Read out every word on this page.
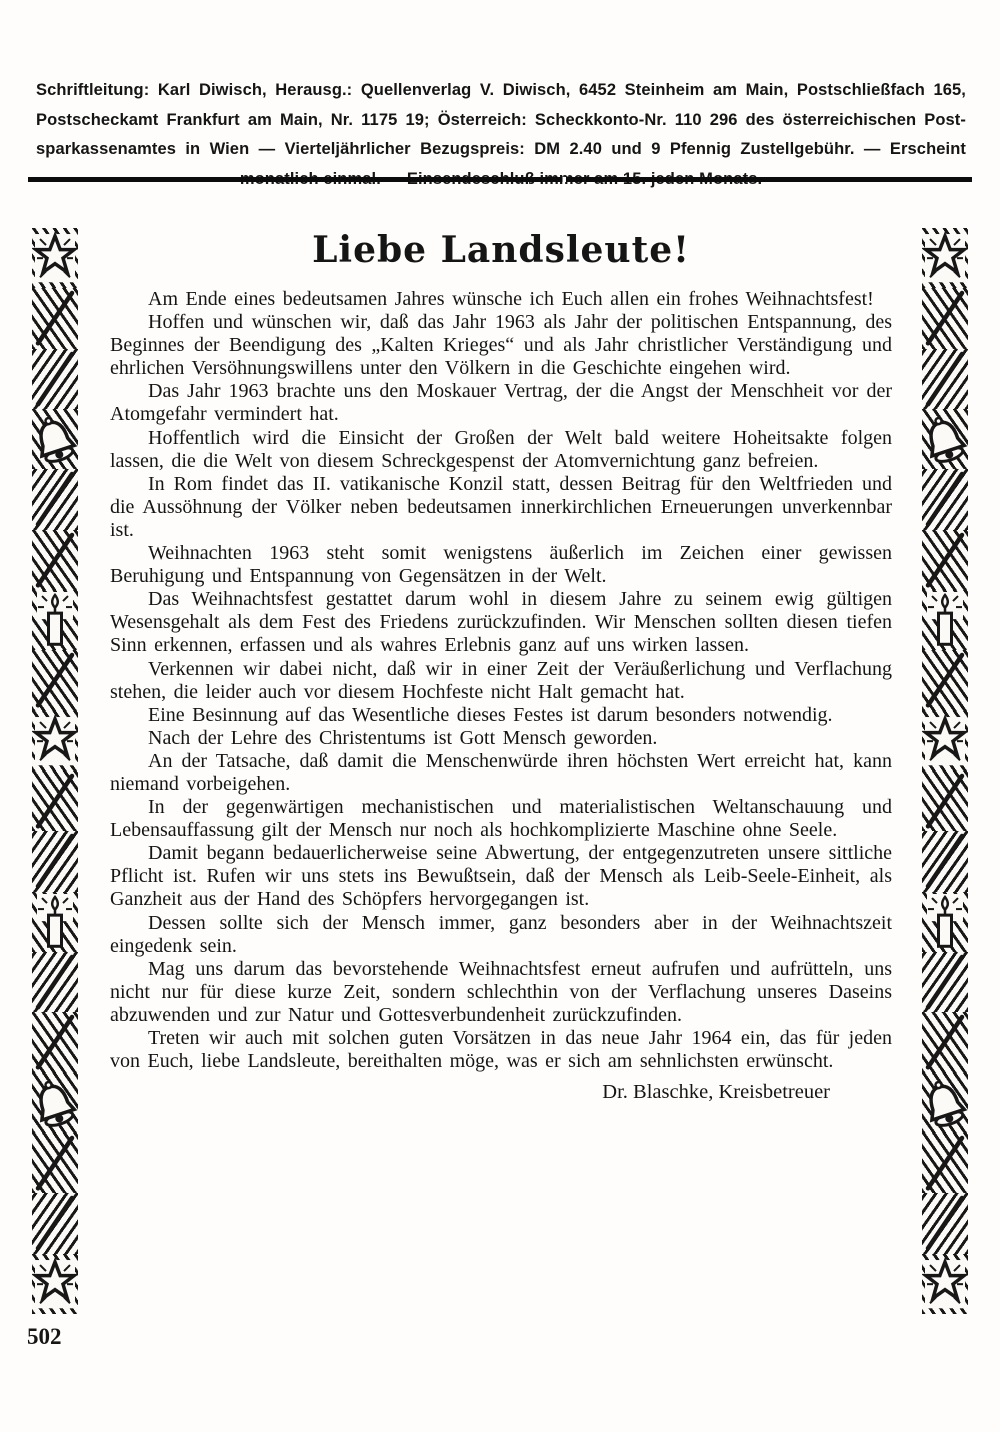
Schriftleitung: Karl Diwisch, Herausg.: Quellenverlag V. Diwisch, 6452 Steinheim am Main, Postschließfach 165,
Postscheckamt Frankfurt am Main, Nr. 1175 19; Österreich: Scheckkonto-Nr. 110 296 des österreichischen Post-
sparkassenamtes in Wien — Vierteljährlicher Bezugspreis: DM 2.40 und 9 Pfennig Zustellgebühr. — Erscheint
Liebe Landsleute!

Am Ende eines bedeutsamen Jahres wünsche ich Euch allen ein frohes Weihnachtsfest!

Hoffen und wünschen wir, daß das Jahr 1963 als Jahr der politischen Entspannung, des Beginnes der Beendigung des „Kalten Krieges“ und als Jahr christlicher Verständigung und ehrlichen Versöhnungswillens unter den Völkern in die Geschichte eingehen wird.

Das Jahr 1963 brachte uns den Moskauer Vertrag, der die Angst der Menschheit vor der Atomgefahr vermindert hat.

Hoffentlich wird die Einsicht der Großen der Welt bald weitere Hoheitsakte folgen lassen, die die Welt von diesem Schreckgespenst der Atomvernichtung ganz befreien.

In Rom findet das II. vatikanische Konzil statt, dessen Beitrag für den Weltfrieden und die Aussöhnung der Völker neben bedeutsamen innerkirchlichen Erneuerungen unverkennbar ist.

Weihnachten 1963 steht somit wenigstens äußerlich im Zeichen einer gewissen Beruhigung und Entspannung von Gegensätzen in der Welt.

Das Weihnachtsfest gestattet darum wohl in diesem Jahre zu seinem ewig gültigen Wesensgehalt als dem Fest des Friedens zurückzufinden. Wir Menschen sollten diesen tiefen Sinn erkennen, erfassen und als wahres Erlebnis ganz auf uns wirken lassen.

Verkennen wir dabei nicht, daß wir in einer Zeit der Veräußerlichung und Verflachung stehen, die leider auch vor diesem Hochfeste nicht Halt gemacht hat.

Eine Besinnung auf das Wesentliche dieses Festes ist darum besonders notwendig.

Nach der Lehre des Christentums ist Gott Mensch geworden.

An der Tatsache, daß damit die Menschenwürde ihren höchsten Wert erreicht hat, kann niemand vorbeigehen.

In der gegenwärtigen mechanistischen und materialistischen Weltanschauung und Lebensauffassung gilt der Mensch nur noch als hochkomplizierte Maschine ohne Seele.

Damit begann bedauerlicherweise seine Abwertung, der entgegenzutreten unsere sittliche Pflicht ist. Rufen wir uns stets ins Bewußtsein, daß der Mensch als Leib-Seele-Einheit, als Ganzheit aus der Hand des Schöpfers hervorgegangen ist.

Dessen sollte sich der Mensch immer, ganz besonders aber in der Weihnachtszeit eingedenk sein.

Mag uns darum das bevorstehende Weihnachtsfest erneut aufrufen und aufrütteln, uns nicht nur für diese kurze Zeit, sondern schlechthin von der Verflachung unseres Daseins abzuwenden und zur Natur und Gottesverbundenheit zurückzufinden.

Treten wir auch mit solchen guten Vorsätzen in das neue Jahr 1964 ein, das für jeden von Euch, liebe Landsleute, bereithalten möge, was er sich am sehnlichsten erwünscht.

Dr. Blaschke, Kreisbetreuer
502
